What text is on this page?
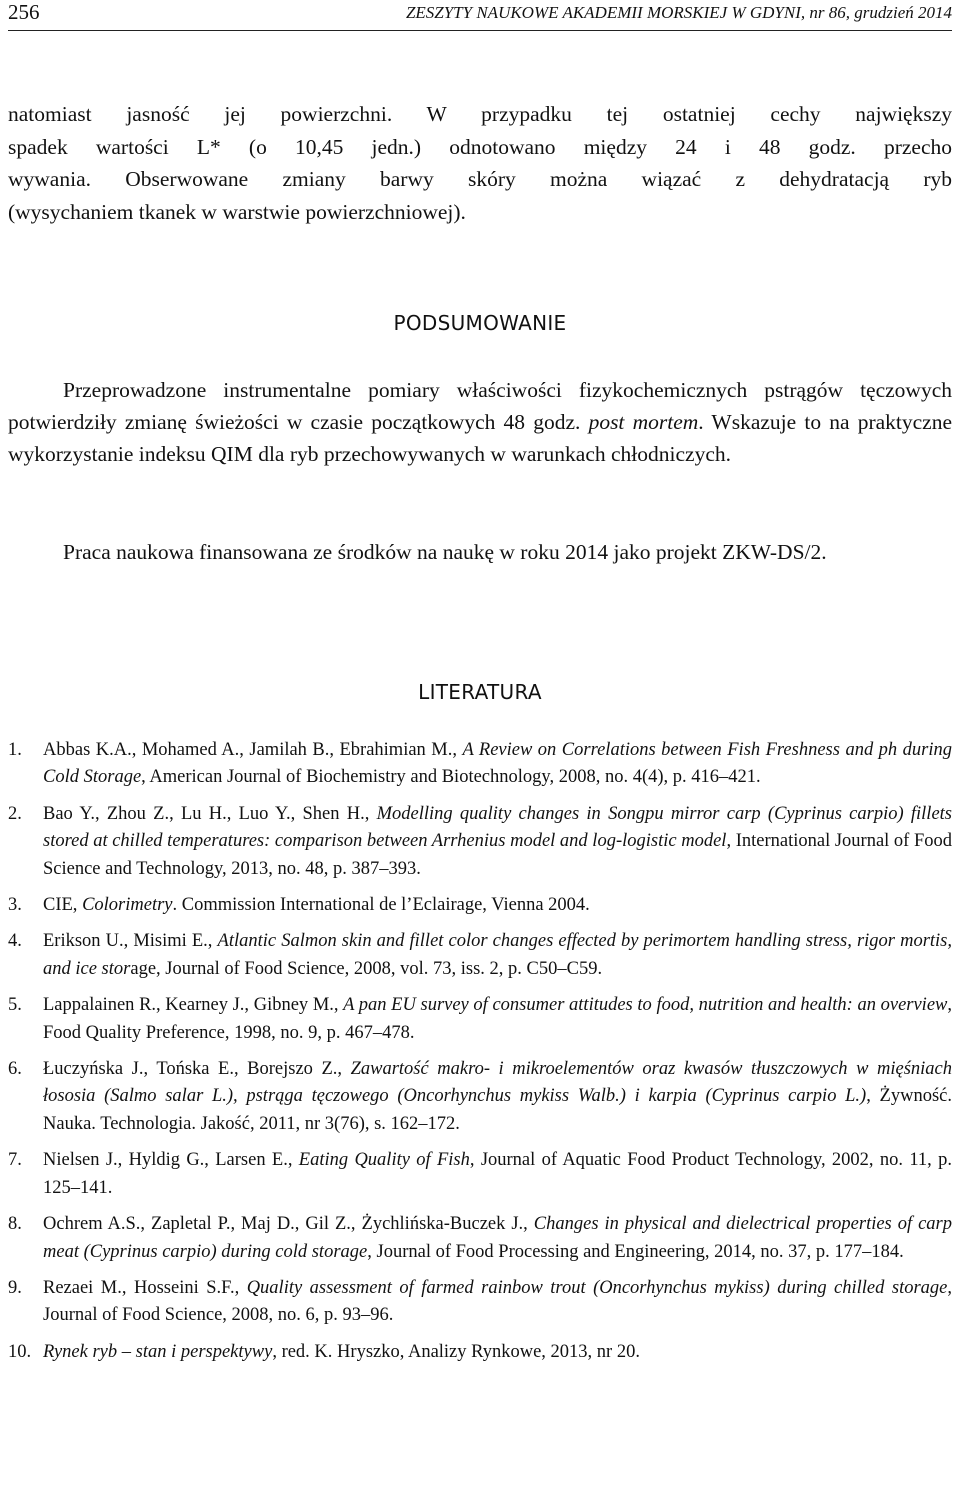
256	ZESZYTY NAUKOWE AKADEMII MORSKIEJ W GDYNI, nr 86, grudzień 2014
natomiast jasność jej powierzchni. W przypadku tej ostatniej cechy największy
spadek wartości L* (o 10,45 jedn.) odnotowano między 24 i 48 godz. przecho
wywania. Obserwowane zmiany barwy skóry można wiązać z dehydratacją ryb
(wysychaniem tkanek w warstwie powierzchniowej).
PODSUMOWANIE

Przeprowadzone instrumentalne pomiary właściwości fizykochemicznych pstrągów tęczowych potwierdziły zmianę świeżości w czasie początkowych 48 godz. post mortem. Wskazuje to na praktyczne wykorzystanie indeksu QIM dla ryb przechowywanych w warunkach chłodniczych.

Praca naukowa finansowana ze środków na naukę w roku 2014 jako projekt ZKW-DS/2.

LITERATURA
1. Abbas K.A., Mohamed A., Jamilah B., Ebrahimian M., A Review on Correlations between Fish Freshness and ph during Cold Storage, American Journal of Biochemistry and Biotechnology, 2008, no. 4(4), p. 416–421.
2. Bao Y., Zhou Z., Lu H., Luo Y., Shen H., Modelling quality changes in Songpu mirror carp (Cyprinus carpio) fillets stored at chilled temperatures: comparison between Arrhenius model and log-logistic model, International Journal of Food Science and Technology, 2013, no. 48, p. 387–393.
3. CIE, Colorimetry. Commission International de l’Eclairage, Vienna 2004.
4. Erikson U., Misimi E., Atlantic Salmon skin and fillet color changes effected by perimortem handling stress, rigor mortis, and ice storage, Journal of Food Science, 2008, vol. 73, iss. 2, p. C50–C59.
5. Lappalainen R., Kearney J., Gibney M., A pan EU survey of consumer attitudes to food, nutrition and health: an overview, Food Quality Preference, 1998, no. 9, p. 467–478.
6. Łuczyńska J., Tońska E., Borejszo Z., Zawartość makro- i mikroelementów oraz kwasów tłuszczowych w mięśniach łososia (Salmo salar L.), pstrąga tęczowego (Oncorhynchus mykiss Walb.) i karpia (Cyprinus carpio L.), Żywność. Nauka. Technologia. Jakość, 2011, nr 3(76), s. 162–172.
7. Nielsen J., Hyldig G., Larsen E., Eating Quality of Fish, Journal of Aquatic Food Product Technology, 2002, no. 11, p. 125–141.
8. Ochrem A.S., Zapletal P., Maj D., Gil Z., Żychlińska-Buczek J., Changes in physical and dielectrical properties of carp meat (Cyprinus carpio) during cold storage, Journal of Food Processing and Engineering, 2014, no. 37, p. 177–184.
9. Rezaei M., Hosseini S.F., Quality assessment of farmed rainbow trout (Oncorhynchus mykiss) during chilled storage, Journal of Food Science, 2008, no. 6, p. 93–96.
10. Rynek ryb – stan i perspektywy, red. K. Hryszko, Analizy Rynkowe, 2013, nr 20.
